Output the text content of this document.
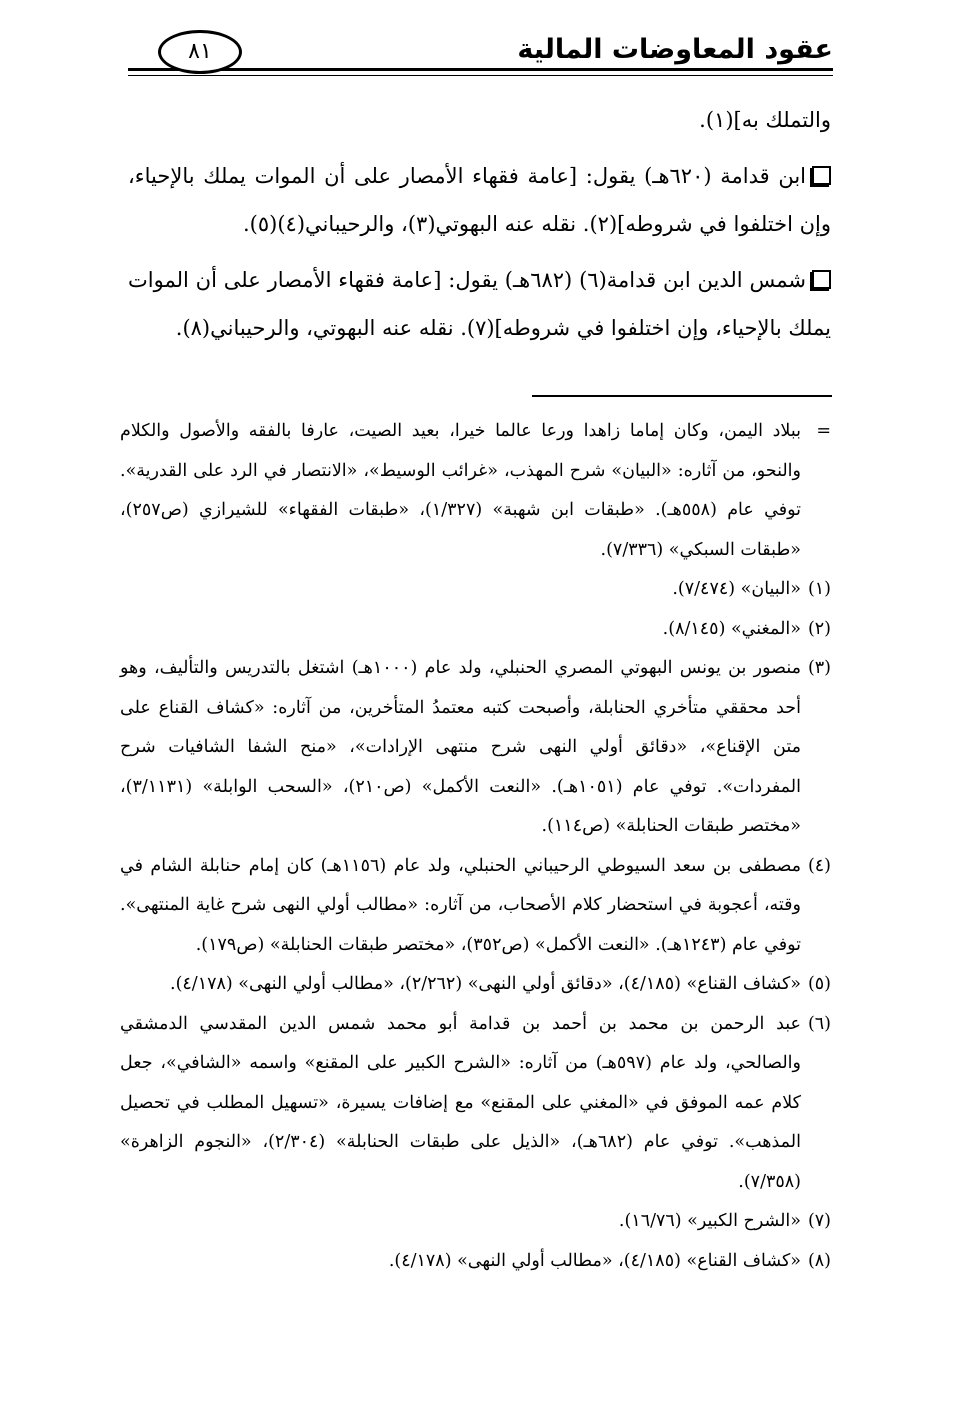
عقود المعاوضات المالية
٨١

والتملك به](١).

ابن قدامة (٦٢٠هـ) يقول: [عامة فقهاء الأمصار على أن الموات يملك بالإحياء، وإن اختلفوا في شروطه](٢). نقله عنه البهوتي(٣)، والرحيباني(٤)(٥).

شمس الدين ابن قدامة(٦) (٦٨٢هـ) يقول: [عامة فقهاء الأمصار على أن الموات يملك بالإحياء، وإن اختلفوا في شروطه](٧). نقله عنه البهوتي، والرحيباني(٨).

=
ببلاد اليمن، وكان إماما زاهدا ورعا عالما خيرا، بعيد الصيت، عارفا بالفقه والأصول والكلام والنحو، من آثاره: «البيان» شرح المهذب، «غرائب الوسيط»، «الانتصار في الرد على القدرية». توفي عام (٥٥٨هـ). «طبقات ابن شهبة» (١/٣٢٧)، «طبقات الفقهاء» للشيرازي (ص٢٥٧)، «طبقات السبكي» (٧/٣٣٦).
(١)
«البيان» (٧/٤٧٤).
(٢)
«المغني» (٨/١٤٥).
(٣)
منصور بن يونس البهوتي المصري الحنبلي، ولد عام (١٠٠٠هـ) اشتغل بالتدريس والتأليف، وهو أحد محققي متأخري الحنابلة، وأصبحت كتبه معتمدُ المتأخرين، من آثاره: «كشاف القناع على متن الإقناع»، «دقائق أولي النهى شرح منتهى الإرادات»، «منح الشفا الشافيات شرح المفردات». توفي عام (١٠٥١هـ). «النعت الأكمل» (ص٢١٠)، «السحب الوابلة» (٣/١١٣١)، «مختصر طبقات الحنابلة» (ص١١٤).
(٤)
مصطفى بن سعد السيوطي الرحيباني الحنبلي، ولد عام (١١٥٦هـ) كان إمام حنابلة الشام في وقته، أعجوبة في استحضار كلام الأصحاب، من آثاره: «مطالب أولي النهى شرح غاية المنتهى». توفي عام (١٢٤٣هـ). «النعت الأكمل» (ص٣٥٢)، «مختصر طبقات الحنابلة» (ص١٧٩).
(٥)
«كشاف القناع» (٤/١٨٥)، «دقائق أولي النهى» (٢/٢٦٢)، «مطالب أولي النهى» (٤/١٧٨).
(٦)
عبد الرحمن بن محمد بن أحمد بن قدامة أبو محمد شمس الدين المقدسي الدمشقي والصالحي، ولد عام (٥٩٧هـ) من آثاره: «الشرح الكبير على المقنع» واسمه «الشافي»، جعل كلام عمه الموفق في «المغني على المقنع» مع إضافات يسيرة، «تسهيل المطلب في تحصيل المذهب». توفي عام (٦٨٢هـ)، «الذيل على طبقات الحنابلة» (٢/٣٠٤)، «النجوم الزاهرة» (٧/٣٥٨).
(٧)
«الشرح الكبير» (١٦/٧٦).
(٨)
«كشاف القناع» (٤/١٨٥)، «مطالب أولي النهى» (٤/١٧٨).
